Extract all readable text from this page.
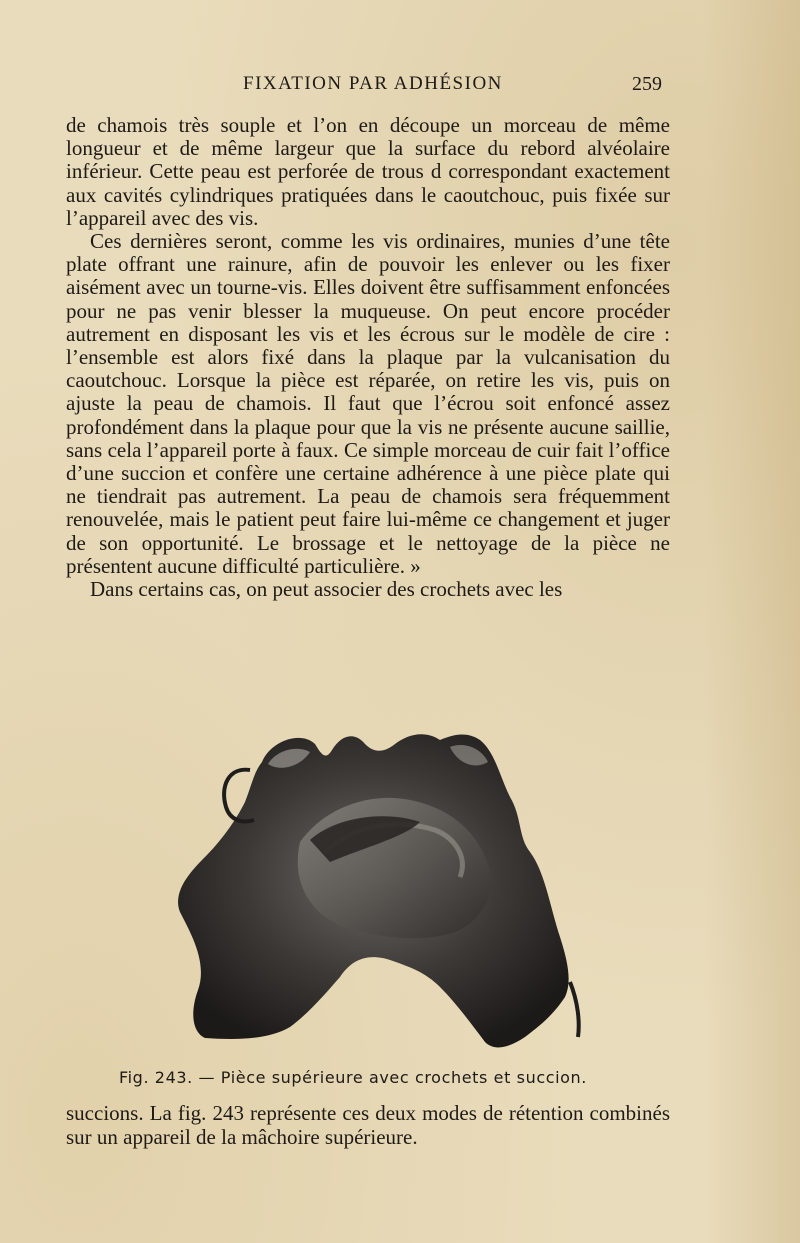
FIXATION PAR ADHÉSION	259

de chamois très souple et l’on en découpe un morceau de même longueur et de même largeur que la surface du rebord alvéolaire inférieur. Cette peau est perforée de trous d correspondant exactement aux cavités cylindriques pratiquées dans le caoutchouc, puis fixée sur l’appareil avec des vis.

Ces dernières seront, comme les vis ordinaires, munies d’une tête plate offrant une rainure, afin de pouvoir les enlever ou les fixer aisément avec un tourne-vis. Elles doivent être suffisamment enfoncées pour ne pas venir blesser la muqueuse. On peut encore procéder autrement en disposant les vis et les écrous sur le modèle de cire : l’ensemble est alors fixé dans la plaque par la vulcanisation du caoutchouc. Lorsque la pièce est réparée, on retire les vis, puis on ajuste la peau de chamois. Il faut que l’écrou soit enfoncé assez profondément dans la plaque pour que la vis ne présente aucune saillie, sans cela l’appareil porte à faux. Ce simple morceau de cuir fait l’office d’une succion et confère une certaine adhérence à une pièce plate qui ne tiendrait pas autrement. La peau de chamois sera fréquemment renouvelée, mais le patient peut faire lui-même ce changement et juger de son opportunité. Le brossage et le nettoyage de la pièce ne présentent aucune difficulté particulière. »

Dans certains cas, on peut associer des crochets avec les

Fig. 243. — Pièce supérieure avec crochets et succion.

succions. La fig. 243 représente ces deux modes de rétention combinés sur un appareil de la mâchoire supérieure.
